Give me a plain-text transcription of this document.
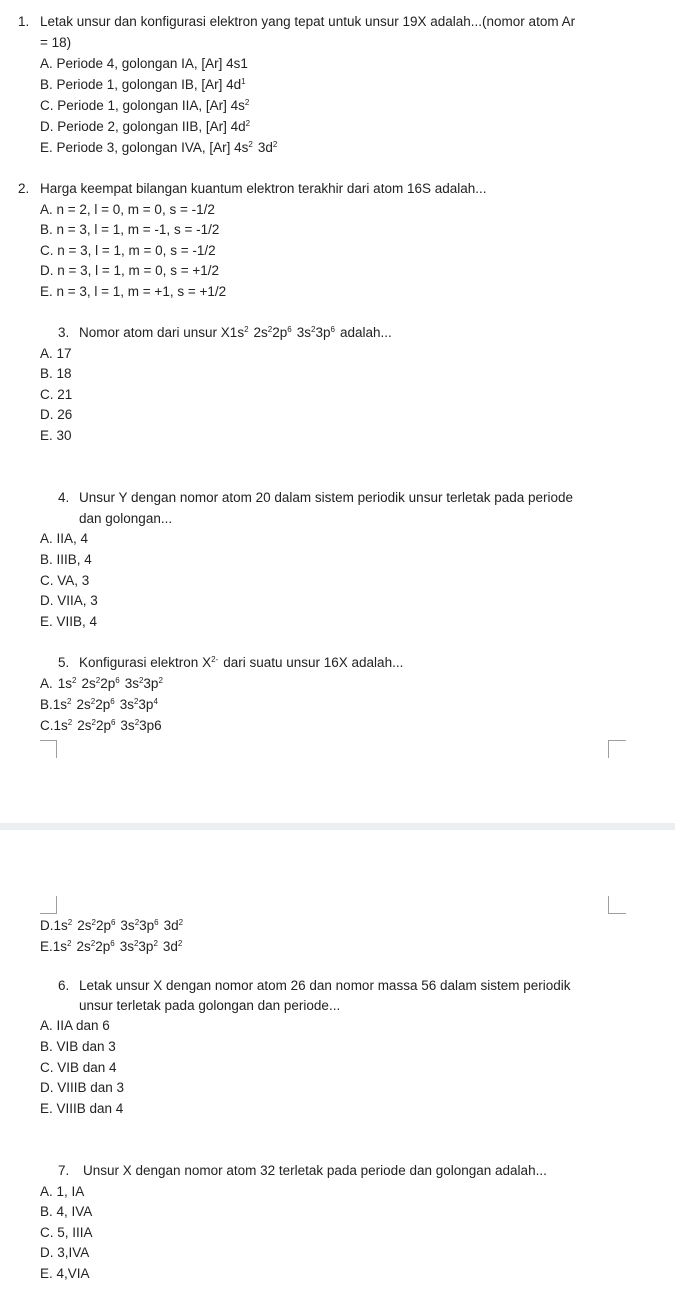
1. Letak unsur dan konfigurasi elektron yang tepat untuk unsur 19X adalah...(nomor atom Ar
= 18)
A. Periode 4, golongan IA, [Ar] 4s1
B. Periode 1, golongan IB, [Ar] $4d^1$
C. Periode 1, golongan IIA, [Ar] $4s^2$
D. Periode 2, golongan IIB, [Ar] $4d^2$
E. Periode 3, golongan IVA, [Ar] $4s^2$ $3d^2$
2. Harga keempat bilangan kuantum elektron terakhir dari atom 16S adalah...
A. n = 2, l = 0, m = 0, s = -1/2
B. n = 3, l = 1, m = -1, s = -1/2
C. n = 3, l = 1, m = 0, s = -1/2
D. n = 3, l = 1, m = 0, s = +1/2
E. n = 3, l = 1, m = +1, s = +1/2
3. Nomor atom dari unsur $X1s^2$ $2s^22p^6$ $3s^23p^6$ adalah...
A. 17
B. 18
C. 21
D. 26
E. 30
4. Unsur Y dengan nomor atom 20 dalam sistem periodik unsur terletak pada periode
dan golongan...
A. IIA, 4
B. IIIB, 4
C. VA, 3
D. VIIA, 3
E. VIIB, 4
5. Konfigurasi elektron $X^{2-}$ dari suatu unsur 16X adalah...
A. $1s^2$ $2s^22p^6$ $3s^23p^2$
$B.1s^2$ $2s^22p^6$ $3s^23p^4$
$C.1s^2$ $2s^22p^6$ $3s^23p6$
$D.1s^2$ $2s^22p^6$ $3s^23p^6$ $3d^2$
$E.1s^2$ $2s^22p^6$ $3s^23p^2$ $3d^2$
6. Letak unsur X dengan nomor atom 26 dan nomor massa 56 dalam sistem periodik
unsur terletak pada golongan dan periode...
A. IIA dan 6
B. VIB dan 3
C. VIB dan 4
D. VIIIB dan 3
E. VIIIB dan 4
7. Unsur X dengan nomor atom 32 terletak pada periode dan golongan adalah...
A. 1, IA
B. 4, IVA
C. 5, IIIA
D. 3,IVA
E. 4,VIA
